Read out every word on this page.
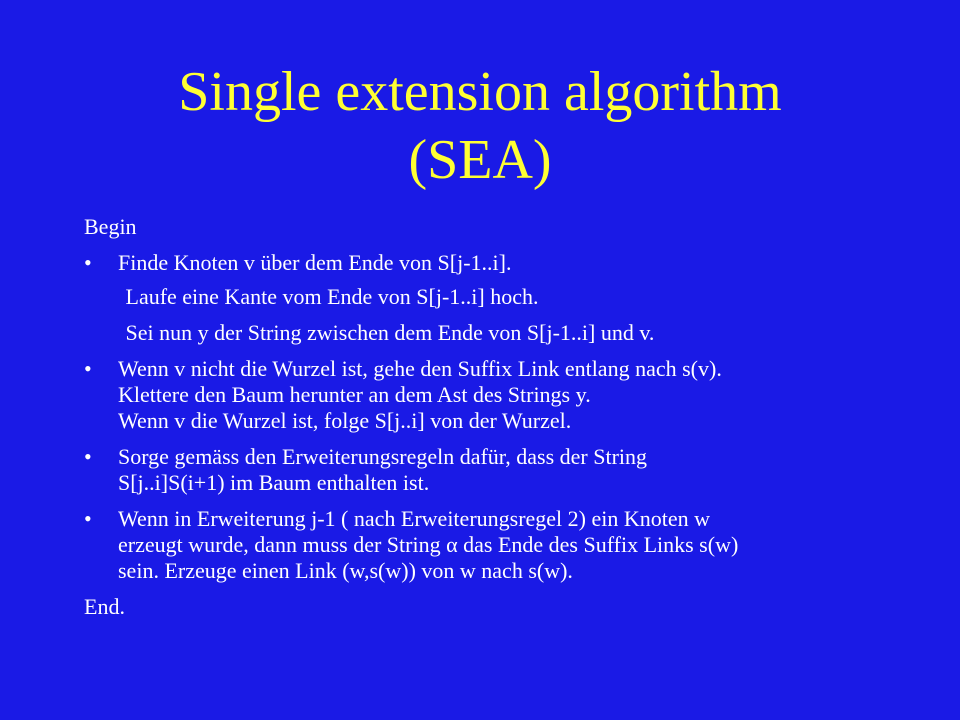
Single extension algorithm
(SEA)

Begin

• Finde Knoten v über dem Ende von S[j-1..i].

Laufe eine Kante vom Ende von S[j-1..i] hoch.

Sei nun y der String zwischen dem Ende von S[j-1..i] und v.

• Wenn v nicht die Wurzel ist, gehe den Suffix Link entlang nach s(v).
Klettere den Baum herunter an dem Ast des Strings y.
Wenn v die Wurzel ist, folge S[j..i] von der Wurzel.
• Sorge gemäss den Erweiterungsregeln dafür, dass der String
S[j..i]S(i+1) im Baum enthalten ist.
• Wenn in Erweiterung j-1 ( nach Erweiterungsregel 2) ein Knoten w
erzeugt wurde, dann muss der String α das Ende des Suffix Links s(w)
sein. Erzeuge einen Link (w,s(w)) von w nach s(w).

End.
